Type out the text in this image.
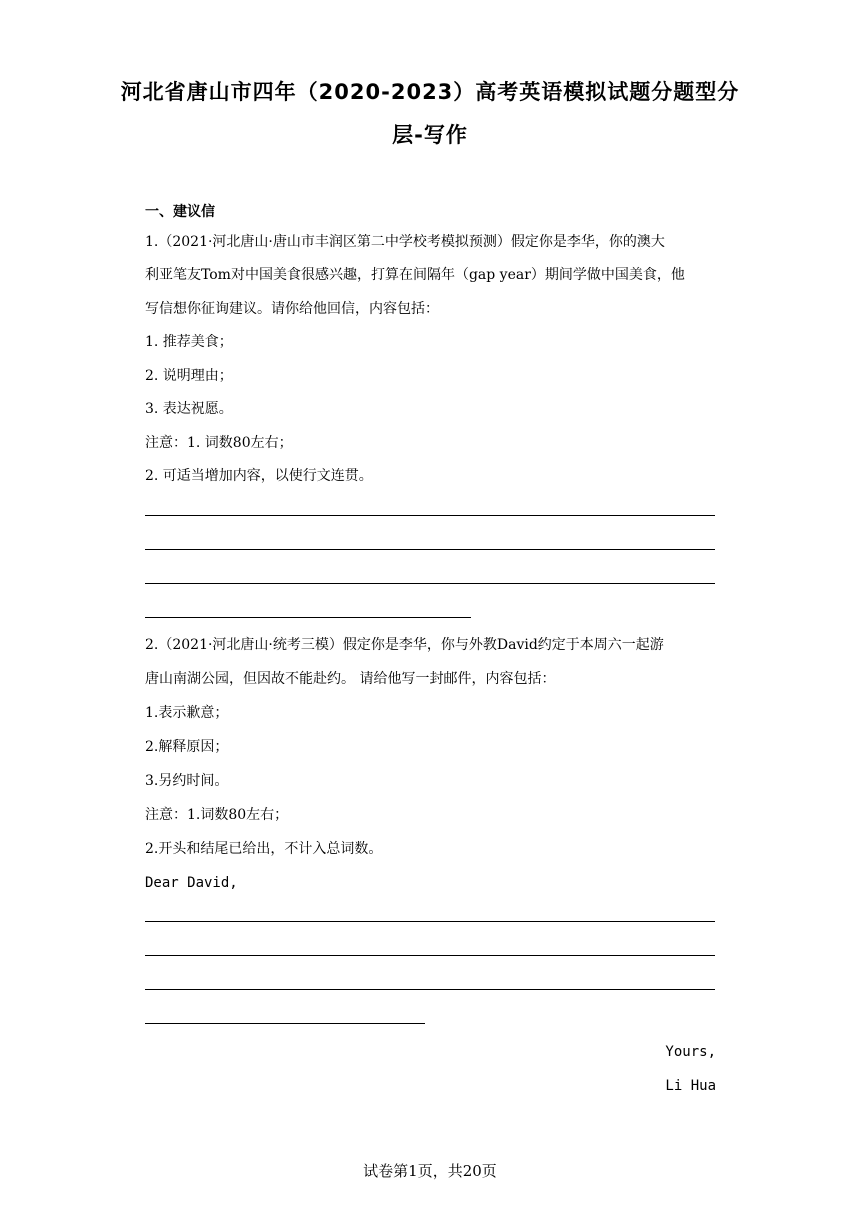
河北省唐山市四年（2020-2023）高考英语模拟试题分题型分
层-写作
一、建议信
1.（2021·河北唐山·唐山市丰润区第二中学校考模拟预测）假定你是李华，你的澳大
利亚笔友Tom对中国美食很感兴趣，打算在间隔年（gap year）期间学做中国美食，他
写信想你征询建议。请你给他回信，内容包括：
1. 推荐美食；
2. 说明理由；
3. 表达祝愿。
注意：1. 词数80左右；
2. 可适当增加内容，以使行文连贯。
2.（2021·河北唐山·统考三模）假定你是李华，你与外教David约定于本周六一起游
唐山南湖公园，但因故不能赴约。 请给他写一封邮件，内容包括：
1.表示歉意；
2.解释原因；
3.另约时间。
注意：1.词数80左右；
2.开头和结尾已给出，不计入总词数。
Dear David,
Yours,
Li Hua
试卷第1页，共20页
